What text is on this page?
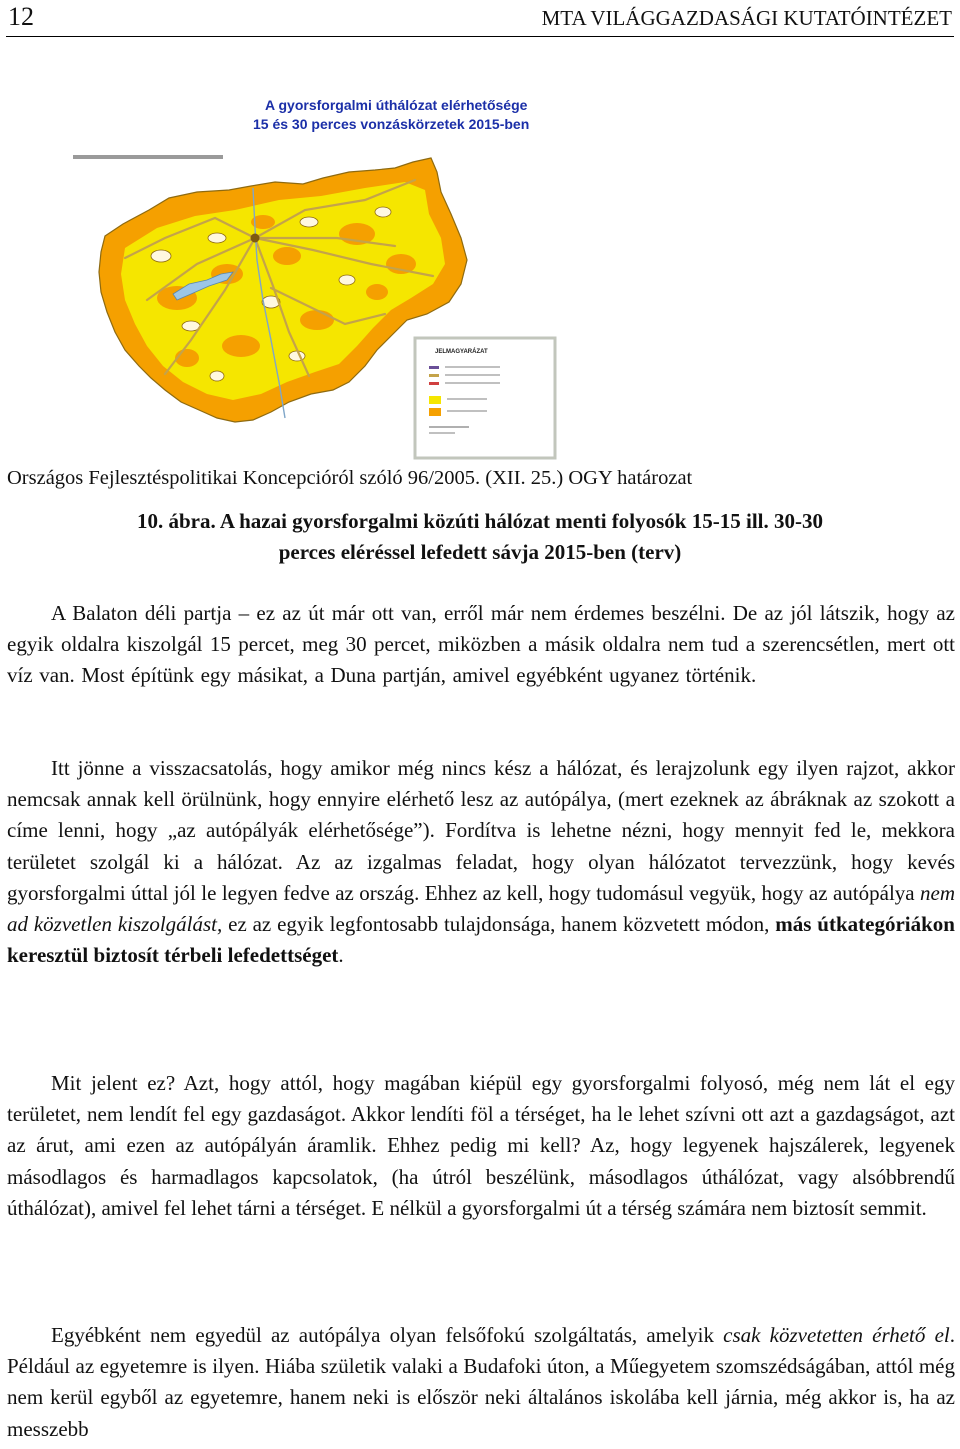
12	MTA VILÁGGAZDASÁGI KUTATÓINTÉZET
A gyorsforgalmi úthálózat elérhetősége
15 és 30 perces vonzáskörzetek 2015-ben
JELMAGYARÁZAT
Országos Fejlesztéspolitikai Koncepcióról szóló 96/2005. (XII. 25.) OGY határozat
10. ábra. A hazai gyorsforgalmi közúti hálózat menti folyosók 15-15 ill. 30-30
perces eléréssel lefedett sávja 2015-ben (terv)

A Balaton déli partja – ez az út már ott van, erről már nem érdemes beszélni. De az jól látszik, hogy az egyik oldalra kiszolgál 15 percet, meg 30 percet, miközben a másik oldalra nem tud a szerencsétlen, mert ott víz van. Most építünk egy másikat, a Duna partján, amivel egyébként ugyanez történik.

Itt jönne a visszacsatolás, hogy amikor még nincs kész a hálózat, és lerajzolunk egy ilyen rajzot, akkor nemcsak annak kell örülnünk, hogy ennyire elérhető lesz az autópálya, (mert ezeknek az ábráknak az szokott a címe lenni, hogy „az autópályák elérhetősége”). Fordítva is lehetne nézni, hogy mennyit fed le, mekkora területet szolgál ki a hálózat. Az az izgalmas feladat, hogy olyan hálózatot tervezzünk, hogy kevés gyorsforgalmi úttal jól le legyen fedve az ország. Ehhez az kell, hogy tudomásul vegyük, hogy az autópálya nem ad közvetlen kiszolgálást, ez az egyik legfontosabb tulajdonsága, hanem közvetett módon, más útkategóriákon keresztül biztosít térbeli lefedettséget.

Mit jelent ez? Azt, hogy attól, hogy magában kiépül egy gyorsforgalmi folyosó, még nem lát el egy területet, nem lendít fel egy gazdaságot. Akkor lendíti föl a térséget, ha le lehet szívni ott azt a gazdagságot, azt az árut, ami ezen az autópályán áramlik. Ehhez pedig mi kell? Az, hogy legyenek hajszálerek, legyenek másodlagos és harmadlagos kapcsolatok, (ha útról beszélünk, másodlagos úthálózat, vagy alsóbbrendű úthálózat), amivel fel lehet tárni a térséget. E nélkül a gyorsforgalmi út a térség számára nem biztosít semmit.

Egyébként nem egyedül az autópálya olyan felsőfokú szolgáltatás, amelyik csak közvetetten érhető el. Például az egyetemre is ilyen. Hiába születik valaki a Budafoki úton, a Műegyetem szomszédságában, attól még nem kerül egyből az egyetemre, hanem neki is először neki általános iskolába kell járnia, még akkor is, ha az messzebb
